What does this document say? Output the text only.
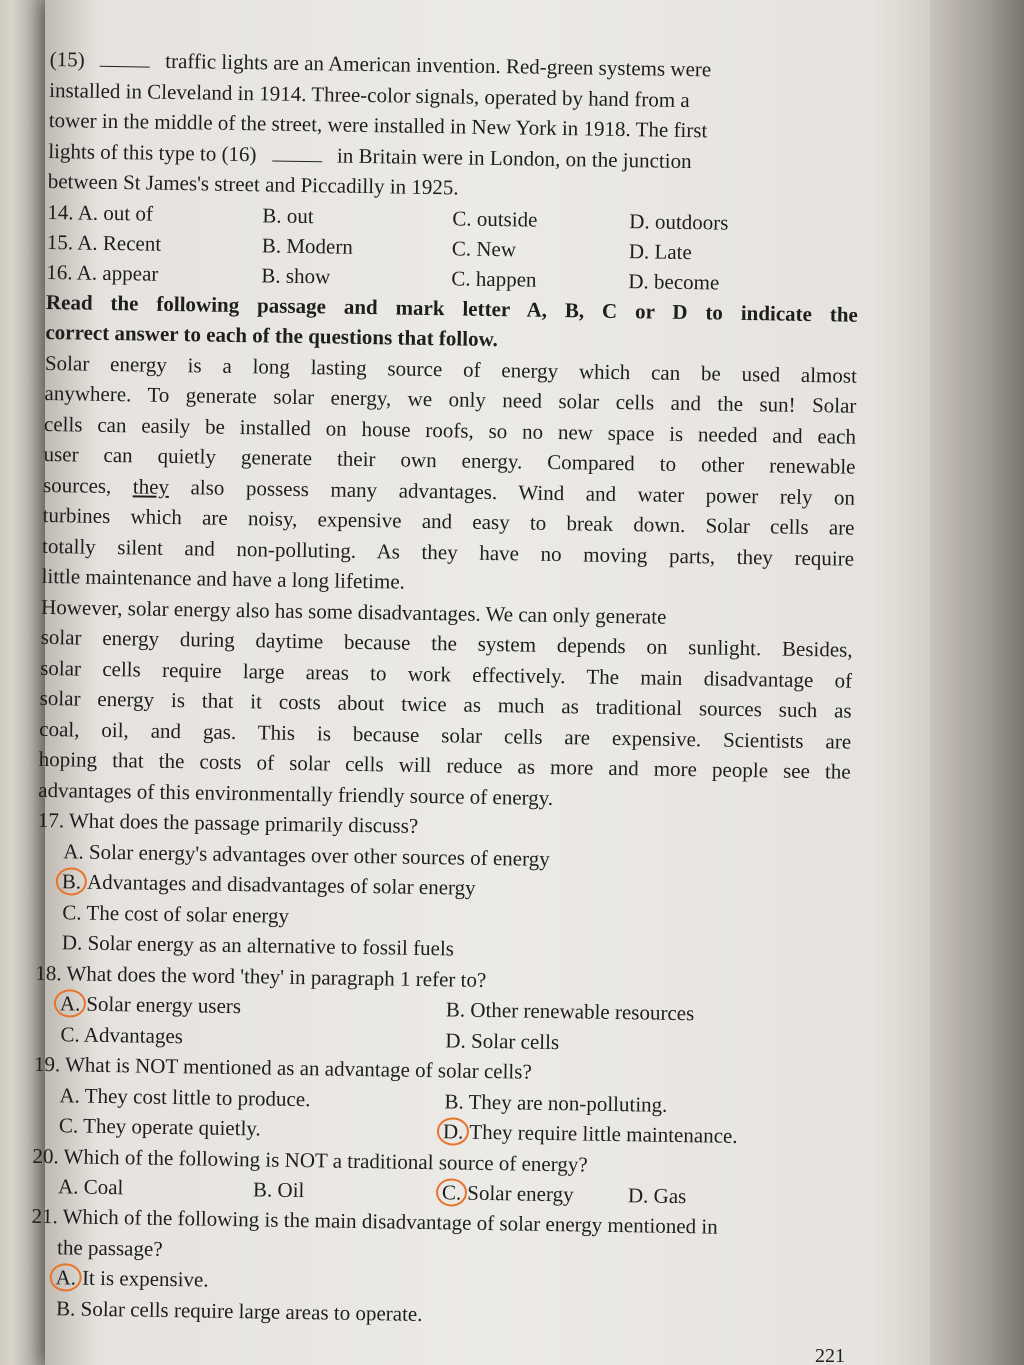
(15)	traffic lights are an American invention. Red-green systems were
installed in Cleveland in 1914. Three-color signals, operated by hand from a
tower in the middle of the street, were installed in New York in 1918. The first
lights of this type to (16)	in Britain were in London, on the junction
between St James's street and Piccadilly in 1925.
14. A. out of	B. out	C. outside	D. outdoors
15. A. Recent	B. Modern	C. New	D. Late
16. A. appear	B. show	C. happen	D. become
Read the following passage and mark letter A, B, C or D to indicate the
correct answer to each of the questions that follow.
Solar energy is a long lasting source of energy which can be used almost
anywhere. To generate solar energy, we only need solar cells and the sun! Solar
cells can easily be installed on house roofs, so no new space is needed and each
user can quietly generate their own energy. Compared to other renewable
sources, they also possess many advantages. Wind and water power rely on
turbines which are noisy, expensive and easy to break down. Solar cells are
totally silent and non-polluting. As they have no moving parts, they require
little maintenance and have a long lifetime.
However, solar energy also has some disadvantages. We can only generate
solar energy during daytime because the system depends on sunlight. Besides,
solar cells require large areas to work effectively. The main disadvantage of
solar energy is that it costs about twice as much as traditional sources such as
coal, oil, and gas. This is because solar cells are expensive. Scientists are
hoping that the costs of solar cells will reduce as more and more people see the
advantages of this environmentally friendly source of energy.
17. What does the passage primarily discuss?
A. Solar energy's advantages over other sources of energy
B. Advantages and disadvantages of solar energy
C. The cost of solar energy
D. Solar energy as an alternative to fossil fuels
18. What does the word 'they' in paragraph 1 refer to?
A. Solar energy users	B. Other renewable resources
C. Advantages	D. Solar cells
19. What is NOT mentioned as an advantage of solar cells?
A. They cost little to produce.	B. They are non-polluting.
C. They operate quietly.	D. They require little maintenance.
20. Which of the following is NOT a traditional source of energy?
A. Coal	B. Oil	C. Solar energy	D. Gas
21. Which of the following is the main disadvantage of solar energy mentioned in
the passage?
A. It is expensive.
B. Solar cells require large areas to operate.
221
